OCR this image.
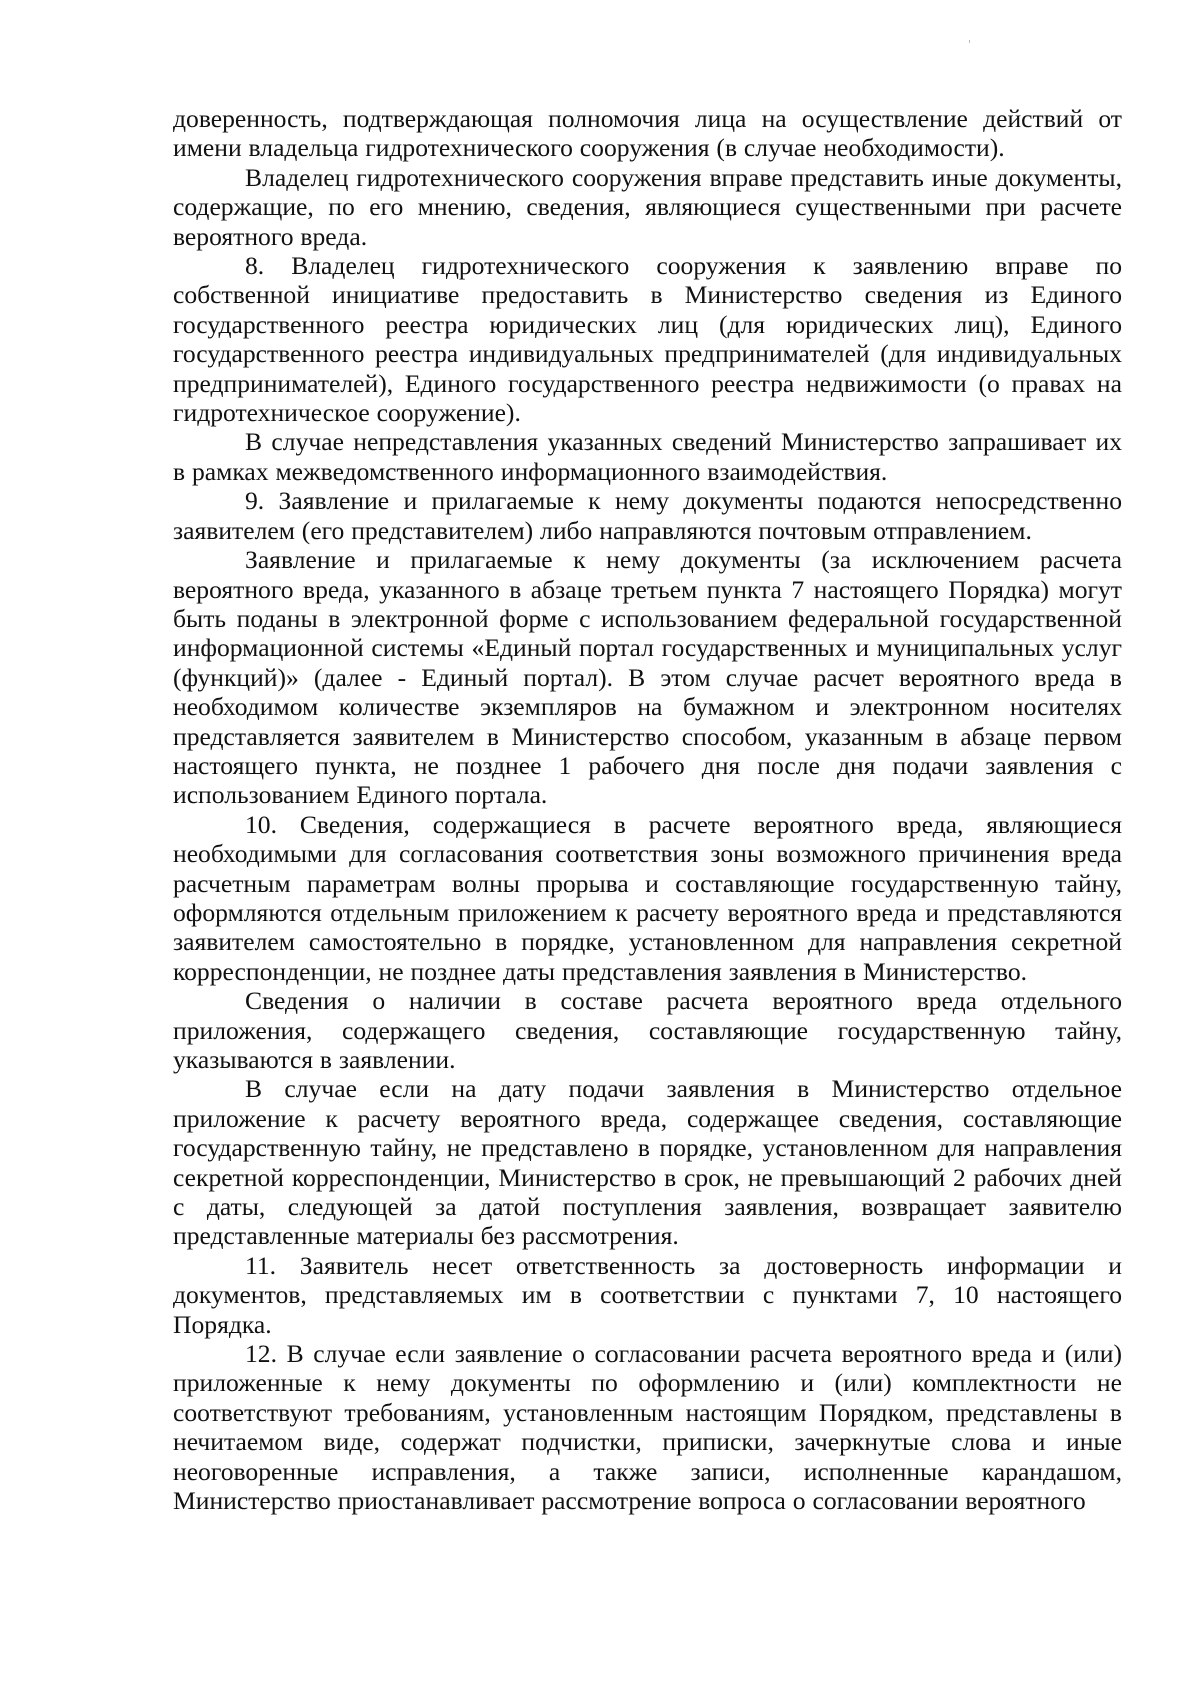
доверенность, подтверждающая полномочия лица на осуществление действий от имени владельца гидротехнического сооружения (в случае необходимости).

Владелец гидротехнического сооружения вправе представить иные документы, содержащие, по его мнению, сведения, являющиеся существенными при расчете вероятного вреда.

8. Владелец гидротехнического сооружения к заявлению вправе по собственной инициативе предоставить в Министерство сведения из Единого государственного реестра юридических лиц (для юридических лиц), Единого государственного реестра индивидуальных предпринимателей (для индивидуальных предпринимателей), Единого государственного реестра недвижимости (о правах на гидротехническое сооружение).

В случае непредставления указанных сведений Министерство запрашивает их в рамках межведомственного информационного взаимодействия.

9. Заявление и прилагаемые к нему документы подаются непосредственно заявителем (его представителем) либо направляются почтовым отправлением.

Заявление и прилагаемые к нему документы (за исключением расчета вероятного вреда, указанного в абзаце третьем пункта 7 настоящего Порядка) могут быть поданы в электронной форме с использованием федеральной государственной информационной системы «Единый портал государственных и муниципальных услуг (функций)» (далее - Единый портал). В этом случае расчет вероятного вреда в необходимом количестве экземпляров на бумажном и электронном носителях представляется заявителем в Министерство способом, указанным в абзаце первом настоящего пункта, не позднее 1 рабочего дня после дня подачи заявления с использованием Единого портала.

10. Сведения, содержащиеся в расчете вероятного вреда, являющиеся необходимыми для согласования соответствия зоны возможного причинения вреда расчетным параметрам волны прорыва и составляющие государственную тайну, оформляются отдельным приложением к расчету вероятного вреда и представляются заявителем самостоятельно в порядке, установленном для направления секретной корреспонденции, не позднее даты представления заявления в Министерство.

Сведения о наличии в составе расчета вероятного вреда отдельного приложения, содержащего сведения, составляющие государственную тайну, указываются в заявлении.

В случае если на дату подачи заявления в Министерство отдельное приложение к расчету вероятного вреда, содержащее сведения, составляющие государственную тайну, не представлено в порядке, установленном для направления секретной корреспонденции, Министерство в срок, не превышающий 2 рабочих дней с даты, следующей за датой поступления заявления, возвращает заявителю представленные материалы без рассмотрения.

11. Заявитель несет ответственность за достоверность информации и документов, представляемых им в соответствии с пунктами 7, 10 настоящего Порядка.

12. В случае если заявление о согласовании расчета вероятного вреда и (или) приложенные к нему документы по оформлению и (или) комплектности не соответствуют требованиям, установленным настоящим Порядком, представлены в нечитаемом виде, содержат подчистки, приписки, зачеркнутые слова и иные неоговоренные исправления, а также записи, исполненные карандашом, Министерство приостанавливает рассмотрение вопроса о согласовании вероятного
